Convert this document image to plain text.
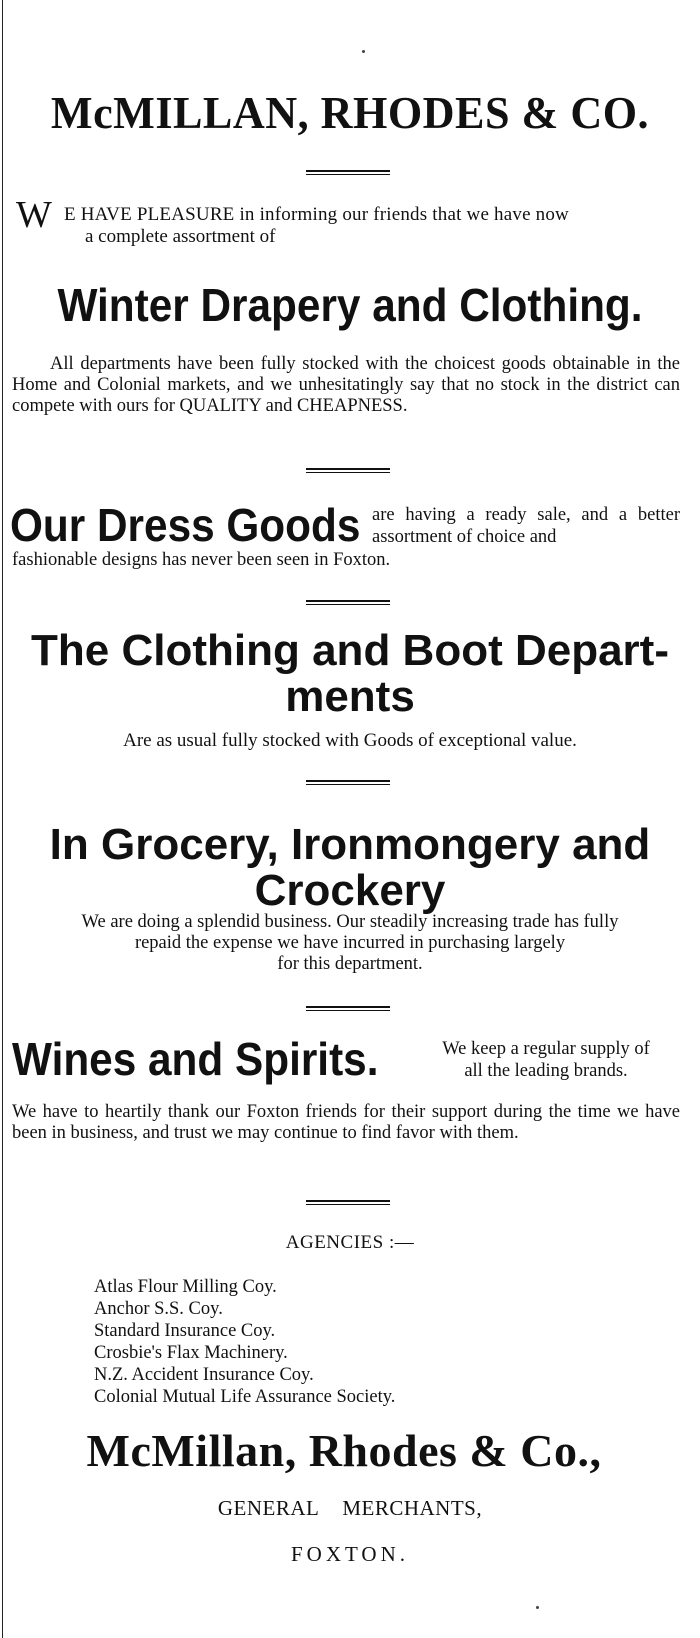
McMILLAN, RHODES & CO.
W E HAVE PLEASURE in informing our friends that we have now
a complete assortment of
Winter Drapery and Clothing.
All departments have been fully stocked with the choicest goods obtainable in the Home and Colonial markets, and we unhesitatingly say that no stock in the district can compete with ours for QUALITY and CHEAPNESS.
Our Dress Goods are having a ready sale, and a better assortment of choice and
fashionable designs has never been seen in Foxton.
The Clothing and Boot Depart-
ments
Are as usual fully stocked with Goods of exceptional value.
In Grocery, Ironmongery and
Crockery
We are doing a splendid business. Our steadily increasing trade has fully
repaid the expense we have incurred in purchasing largely
for this department.
Wines and Spirits.	We keep a regular supply of
all the leading brands.
We have to heartily thank our Foxton friends for their support during the time we have been in business, and trust we may continue to find favor with them.
AGENCIES :—
Atlas Flour Milling Coy.
Anchor S.S. Coy.
Standard Insurance Coy.
Crosbie's Flax Machinery.
N.Z. Accident Insurance Coy.
Colonial Mutual Life Assurance Society.
McMillan, Rhodes & Co.,
GENERAL MERCHANTS,
FOXTON.
